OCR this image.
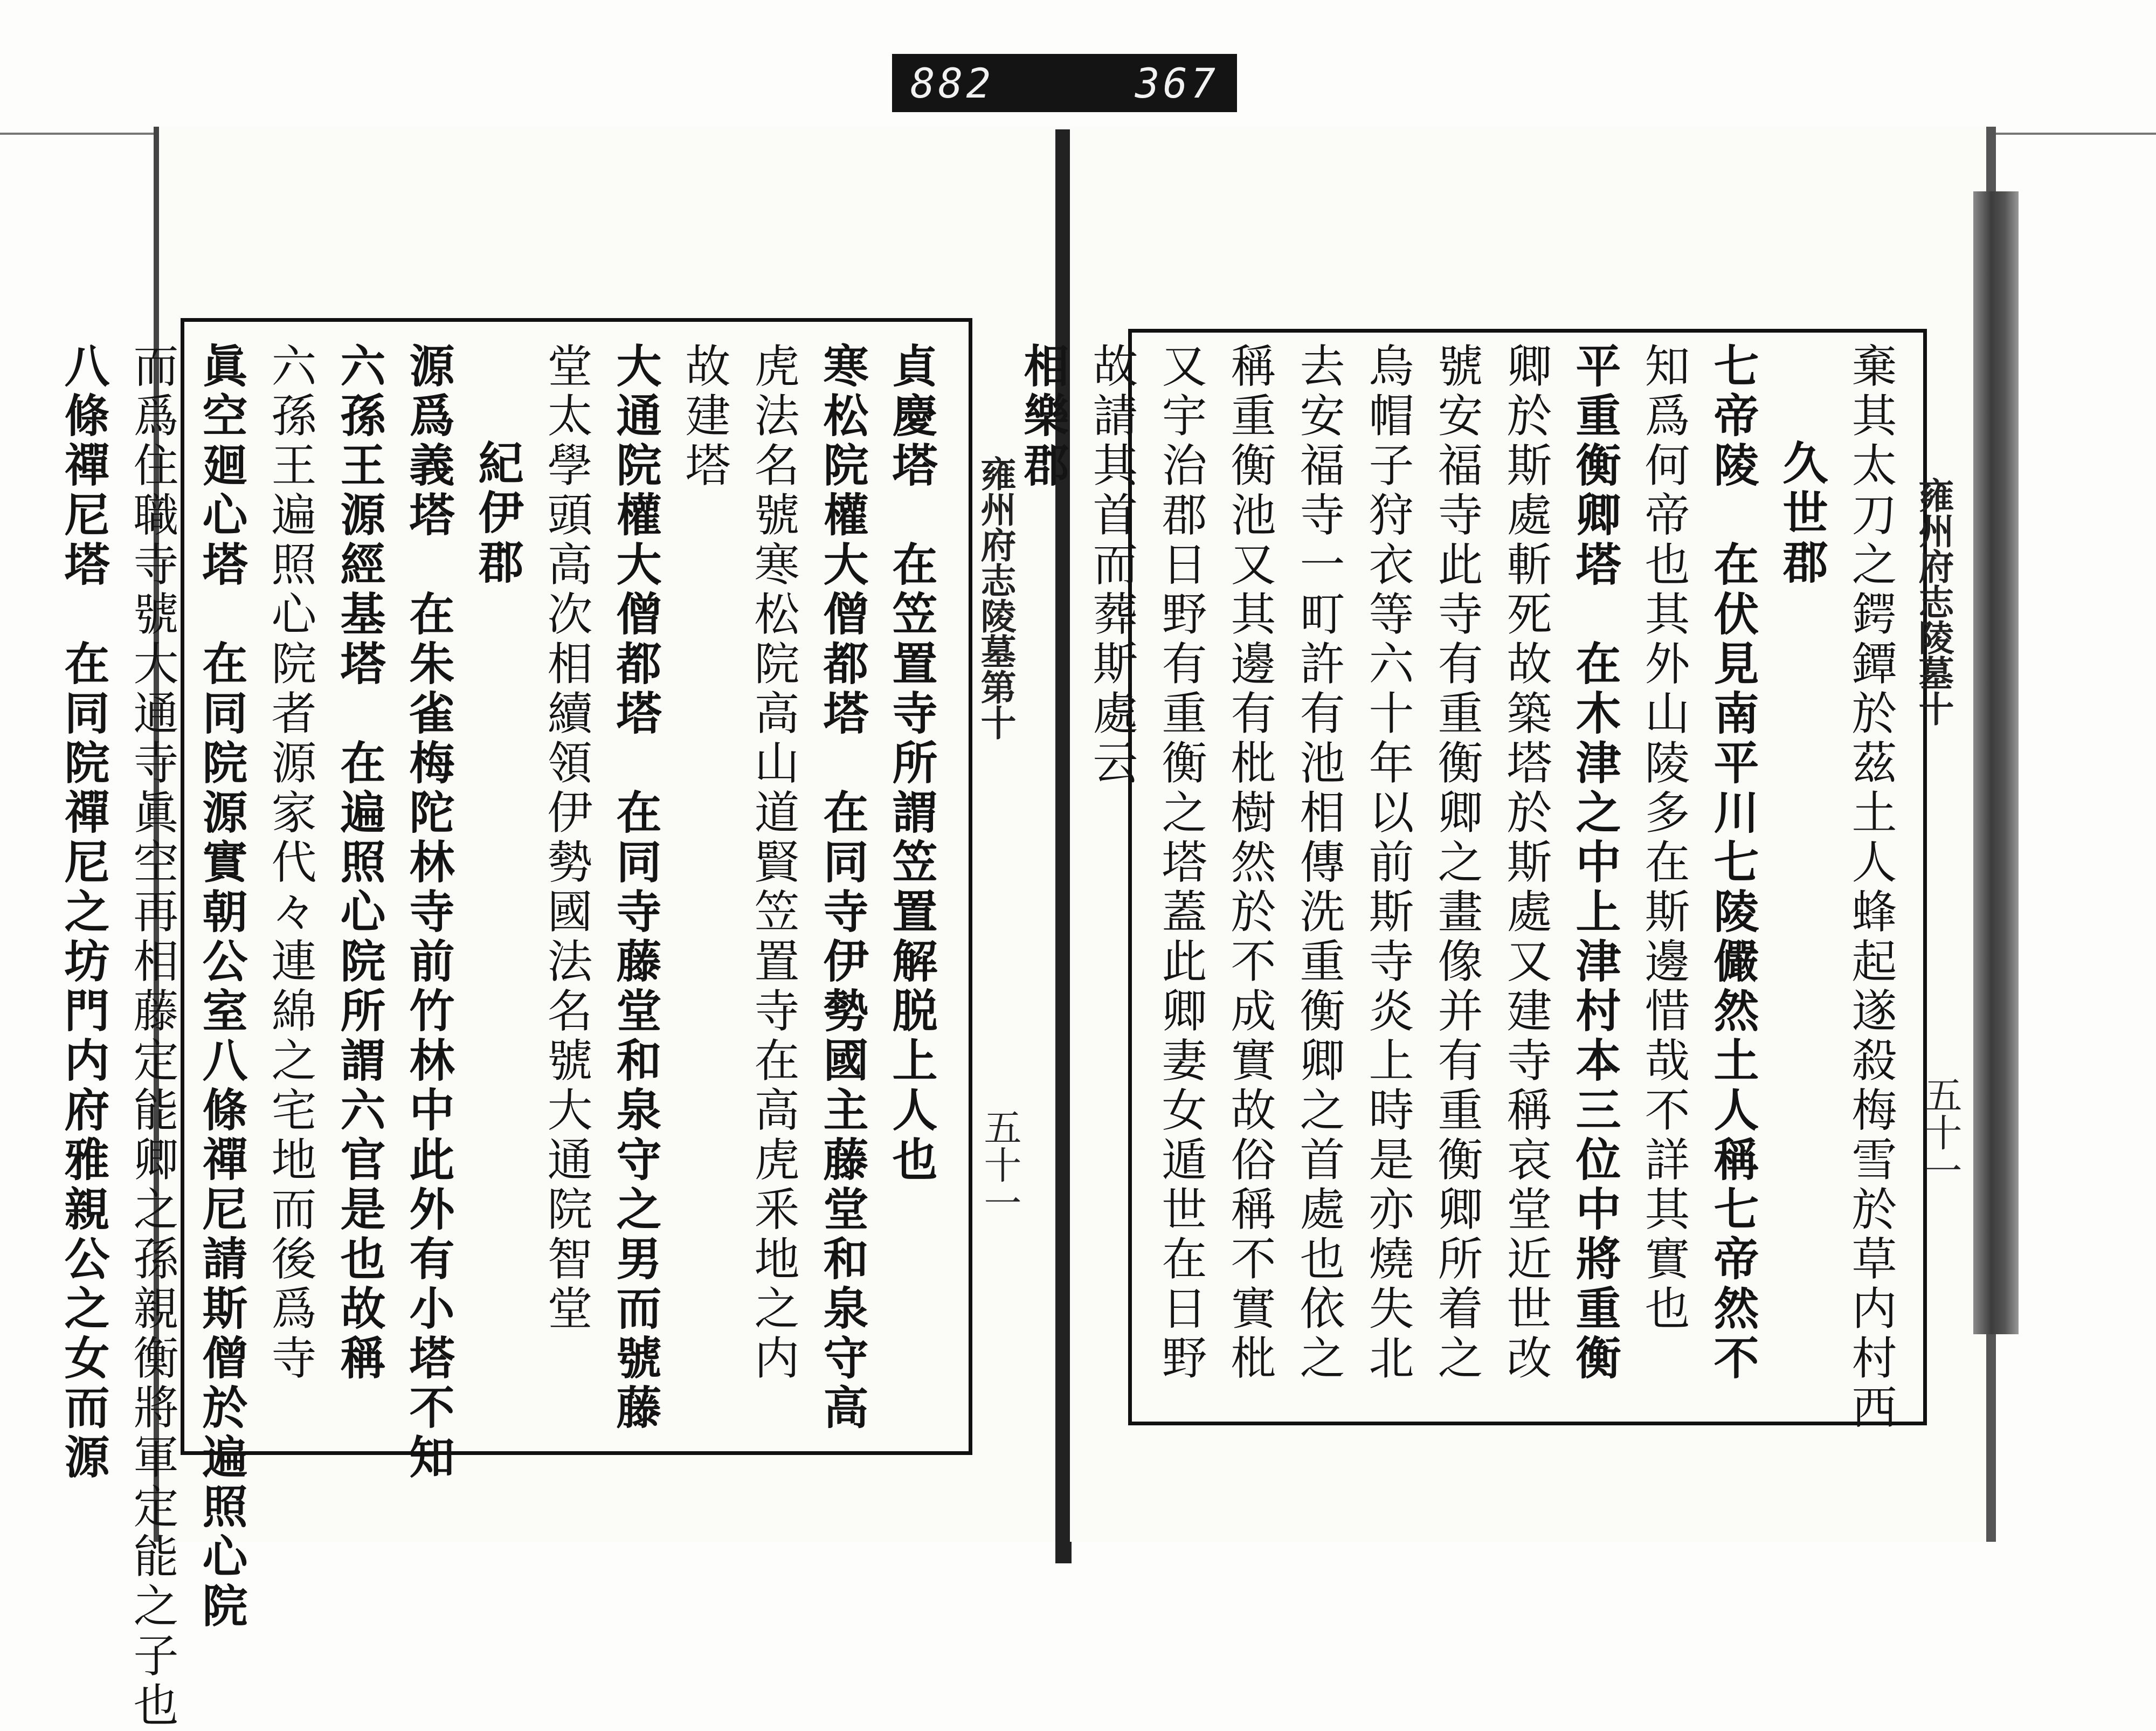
882	367
雍州府志陵墓第十
五十一
貞慶塔　在笠置寺所謂笠置解脱上人也
寒松院權大僧都塔　在同寺伊勢國主藤堂和泉守高
虎法名號寒松院高山道賢笠置寺在高虎釆地之内
故建塔
大通院權大僧都塔　在同寺藤堂和泉守之男而號藤
堂太學頭高次相續領伊勢國法名號大通院智堂
紀伊郡
源爲義塔　在朱雀梅陀林寺前竹林中此外有小塔不知
六孫王源經基塔　在遍照心院所謂六官是也故稱
六孫王遍照心院者源家代々連綿之宅地而後爲寺
眞空廻心塔　在同院源實朝公室八條禪尼請斯僧於遍照心院
而爲住職寺號大通寺眞空再相藤定能卿之孫親衡將軍定能之子也
八條禪尼塔　在同院禪尼之坊門内府雅親公之女而源	雍州府志陵墓十
五十一
棄其太刀之鍔鐔於茲土人蜂起遂殺梅雪於草内村西
久世郡
七帝陵　在伏見南平川七陵儼然土人稱七帝然不
知爲何帝也其外山陵多在斯邊惜哉不詳其實也
平重衡卿塔　在木津之中上津村本三位中將重衡
卿於斯處斬死故築塔於斯處又建寺稱哀堂近世改
號安福寺此寺有重衡卿之畫像并有重衡卿所着之
烏帽子狩衣等六十年以前斯寺炎上時是亦燒失北
去安福寺一町許有池相傳洗重衡卿之首處也依之
稱重衡池又其邊有枇樹然於不成實故俗稱不實枇
又宇治郡日野有重衡之塔蓋此卿妻女遁世在日野
故請其首而葬斯處云
相樂郡
